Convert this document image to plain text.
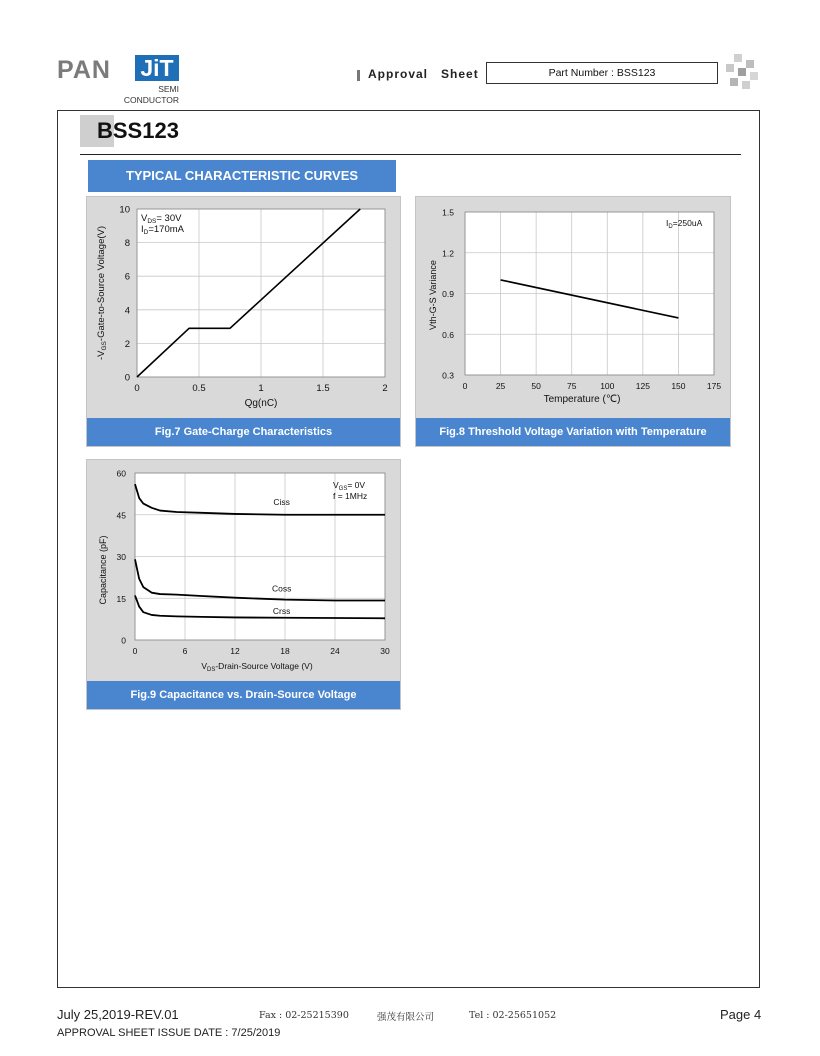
PAN JiT
SEMI
CONDUCTOR
Approval   Sheet	Part Number : BSS123
BSS123
TYPICAL CHARACTERISTIC CURVES
$V_{DS}= 30V$
$I_D=170mA$
0	0.5	1	1.5	2
0
2
4
6
8
10
Qg(nC)
$-V_{GS}-Gate-to$-Source Voltage(V)
Fig.7 Gate-Charge Characteristics
$I_D=250uA$
0	25	50	75	100	125	150	175
0.3
0.6
0.9
1.2
1.5
Temperature (℃)
Vth-G-S Variance
Fig.8 Threshold Voltage Variation with Temperature
$V_{GS}= 0V$
f = 1MHz
0	6	12	18	24	30
0
15
30
45
60
$V_{DS}-Drain$-Source Voltage (V)
Capacitance (pF)
Ciss
Coss
Crss
Fig.9 Capacitance vs. Drain-Source Voltage
July 25,2019-REV.01	Fax : 02-25215390	强茂有限公司	Tel : 02-25651052	Page 4
APPROVAL SHEET ISSUE DATE : 7/25/2019
